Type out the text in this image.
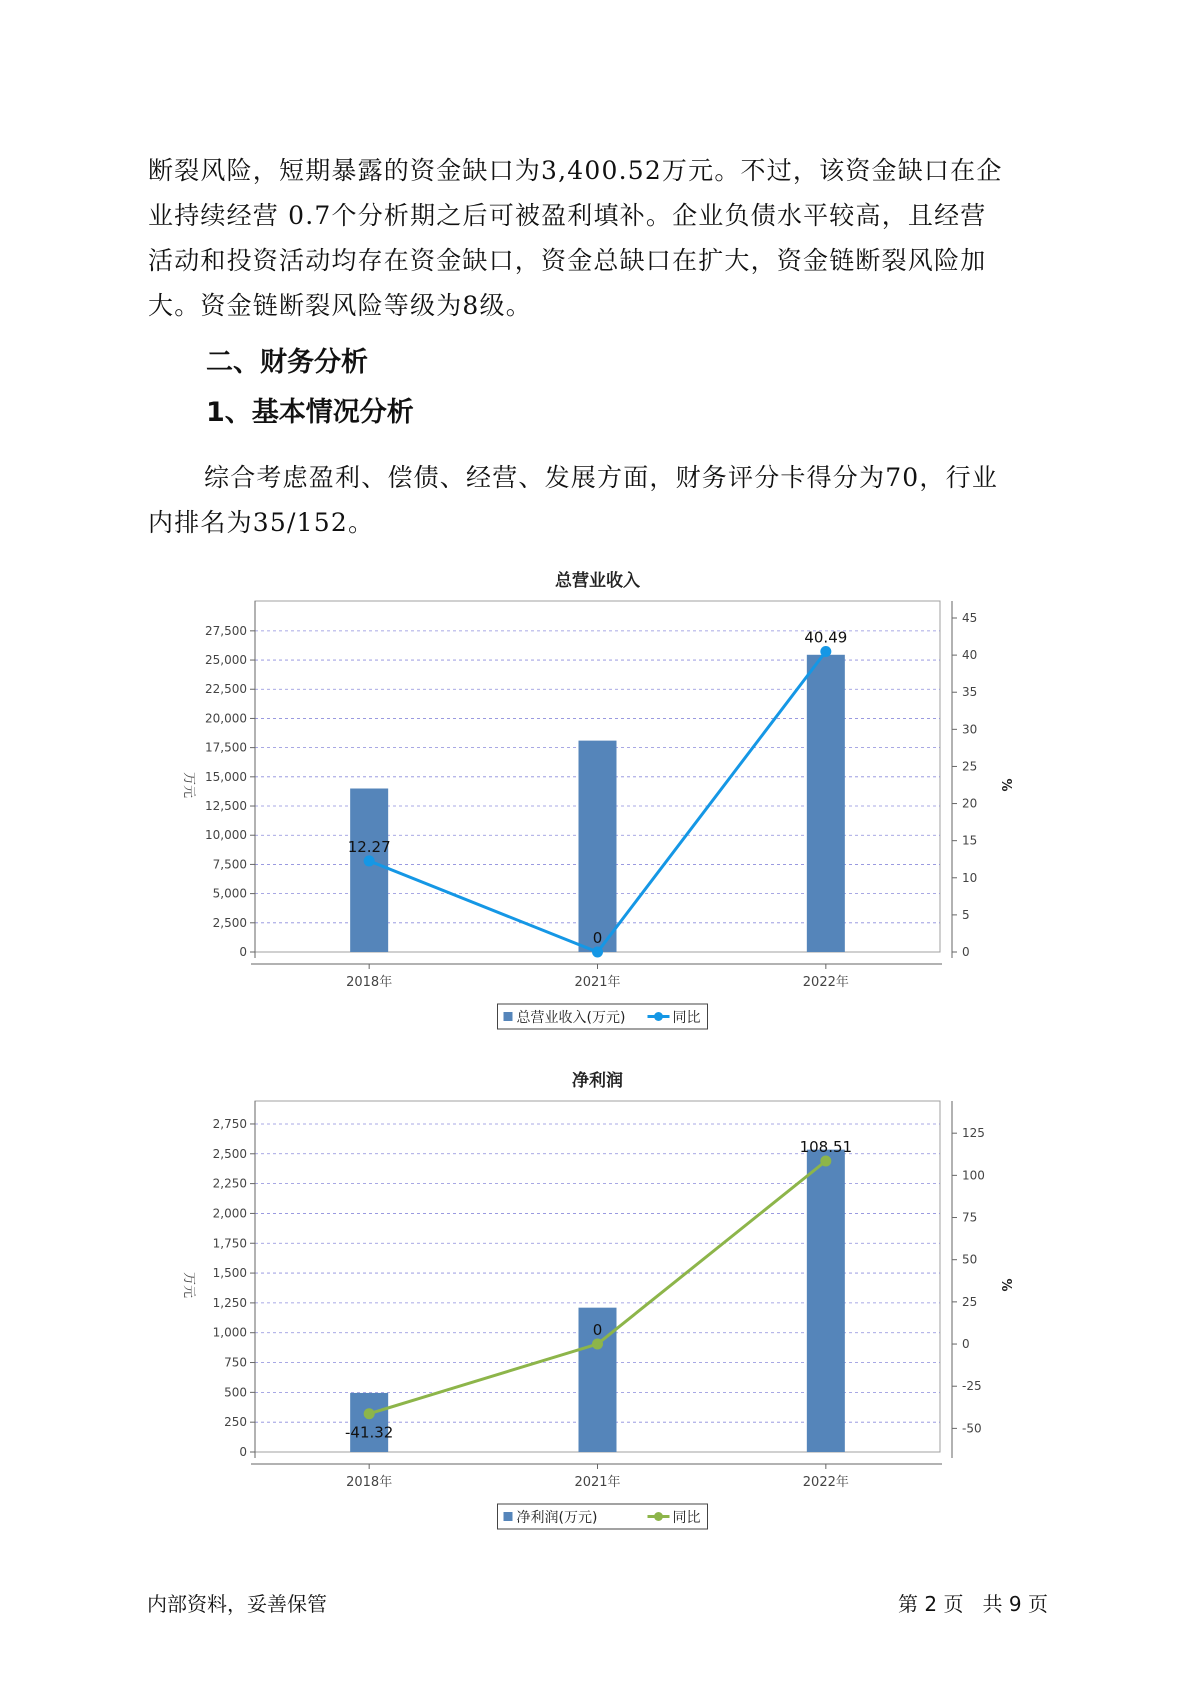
断裂风险，短期暴露的资金缺口为3,400.52万元。不过，该资金缺口在企
业持续经营 0.7个分析期之后可被盈利填补。企业负债水平较高，且经营
活动和投资活动均存在资金缺口，资金总缺口在扩大，资金链断裂风险加
大。资金链断裂风险等级为8级。

二、财务分析
1、基本情况分析

综合考虑盈利、偿债、经营、发展方面，财务评分卡得分为70，行业
内排名为35/152。

总营业收入
0
2,500
5,000
7,500
10,000
12,500
15,000
17,500
20,000
22,500
25,000
27,500
0
5
10
15
20
25
30
35
40
45
2018年	2021年	2022年
万元	%
12.27
0
40.49
总营业收入(万元)	同比
净利润
0
250
500
750
1,000
1,250
1,500
1,750
2,000
2,250
2,500
2,750
-50
-25
0
25
50
75
100
125
2018年	2021年	2022年
万元	%
-41.32
0
108.51
净利润(万元)	同比
内部资料，妥善保管	第 2 页   共 9 页
